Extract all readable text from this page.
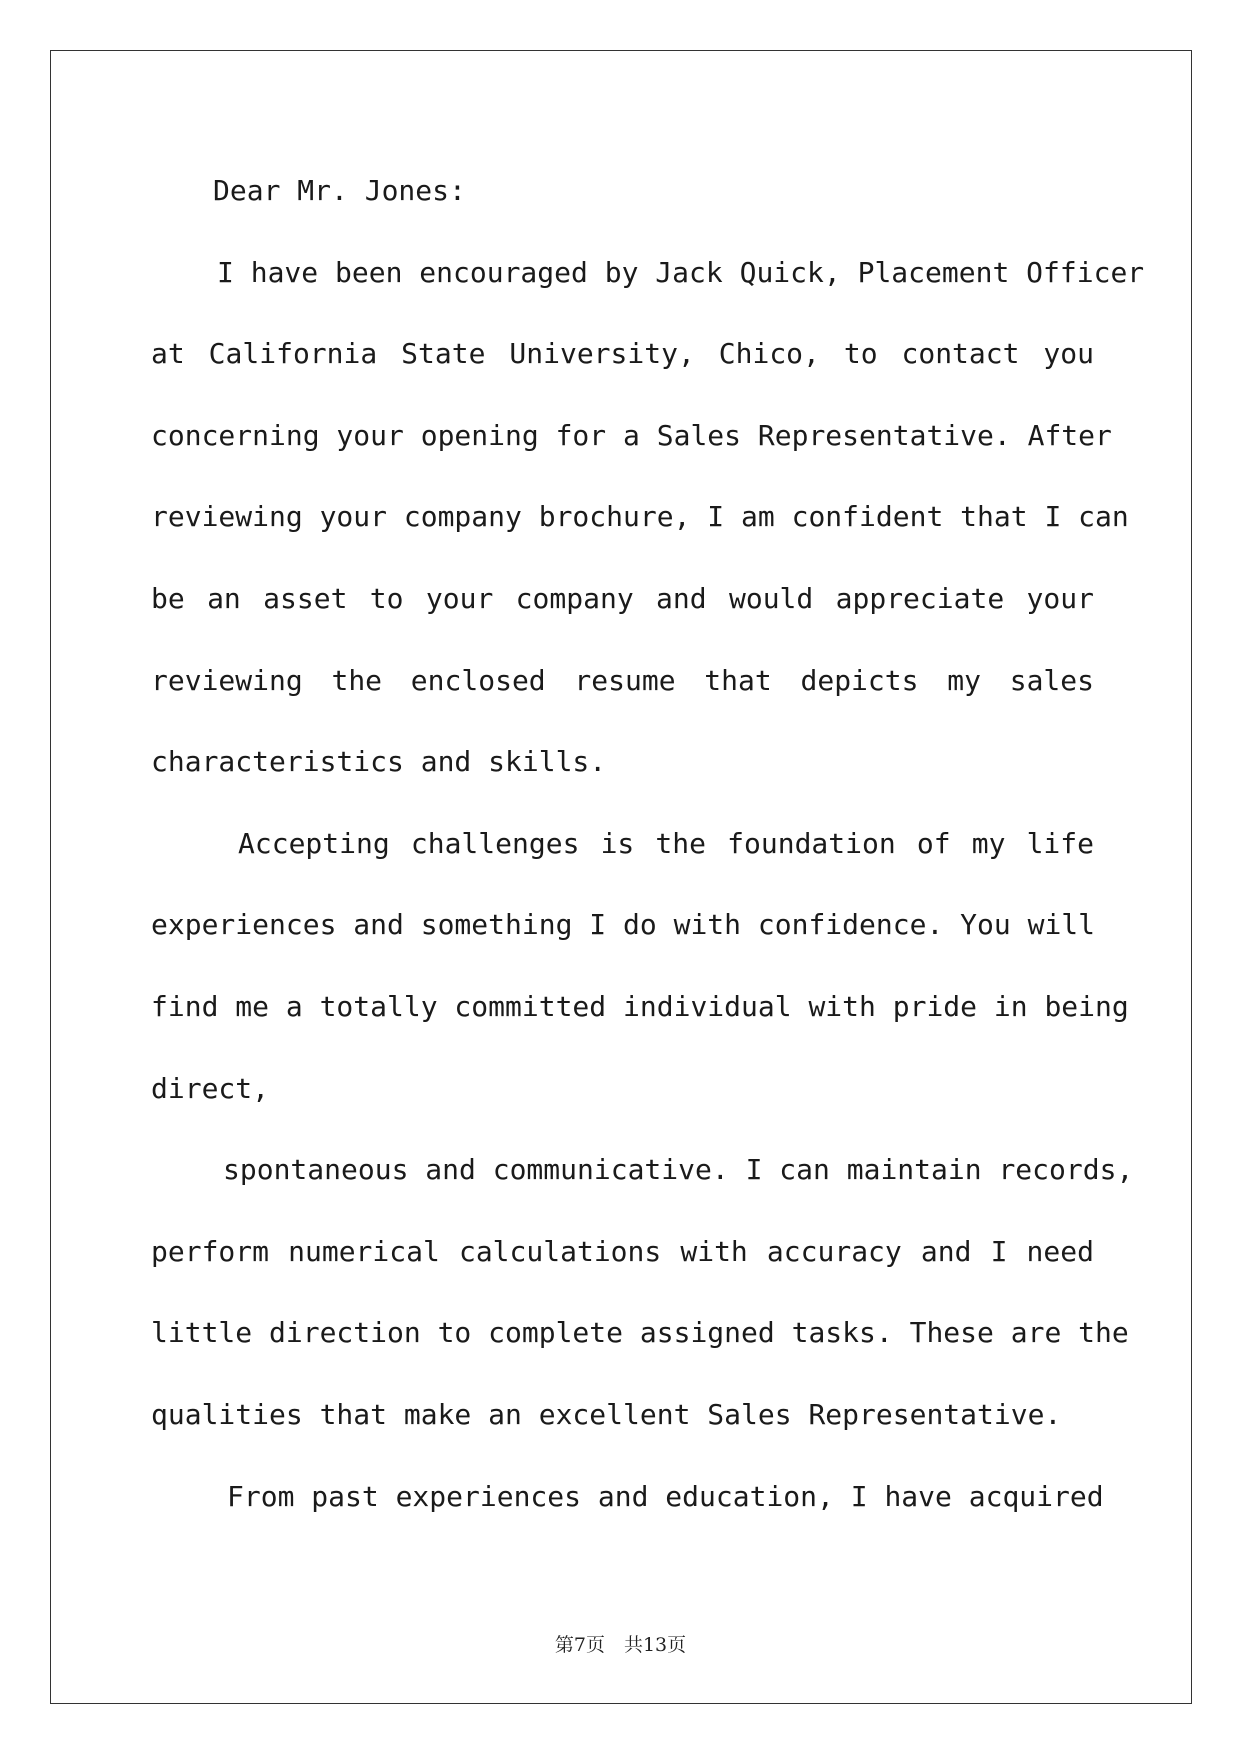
Dear Mr. Jones:
I have been encouraged by Jack Quick, Placement Officer
at California State University, Chico, to contact you
concerning your opening for a Sales Representative. After
reviewing your company brochure, I am confident that I can
be an asset to your company and would appreciate your
reviewing the enclosed resume that depicts my sales
characteristics and skills.
Accepting challenges is the foundation of my life
experiences and something I do with confidence. You will
find me a totally committed individual with pride in being
direct,
spontaneous and communicative. I can maintain records,
perform numerical calculations with accuracy and I need
little direction to complete assigned tasks. These are the
qualities that make an excellent Sales Representative.
From past experiences and education, I have acquired
第7页　共13页
